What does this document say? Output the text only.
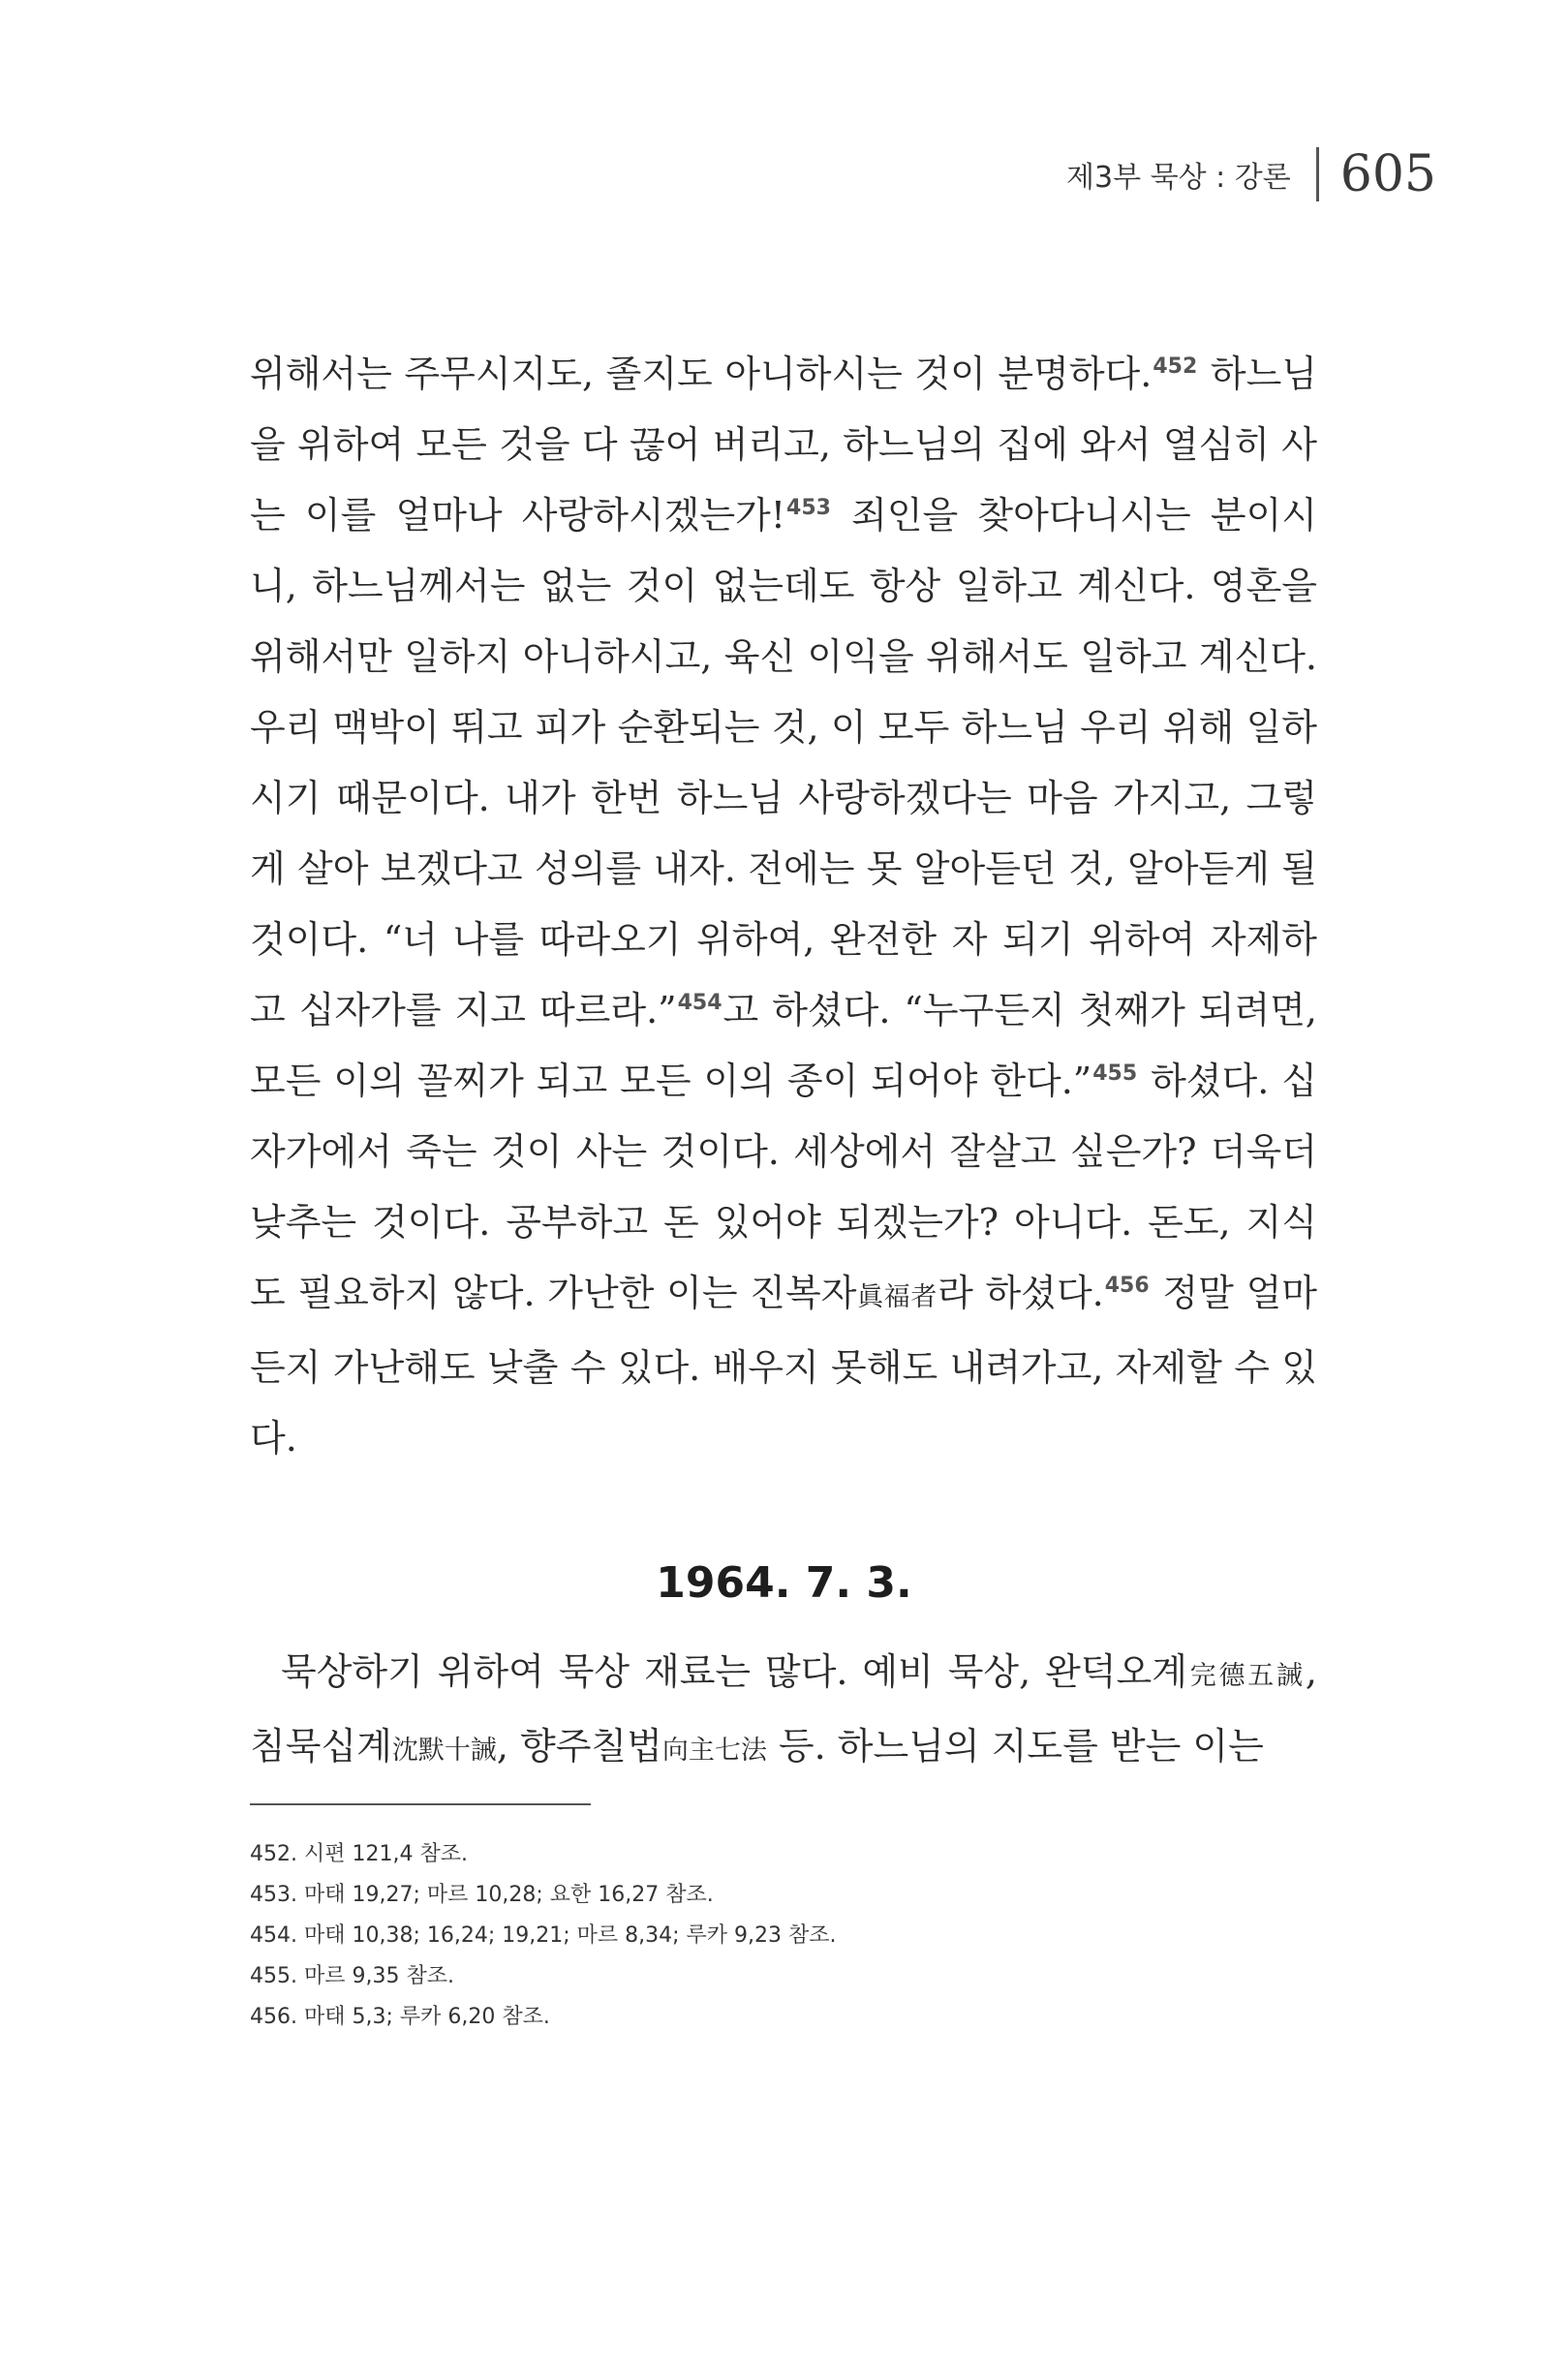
제3부 묵상 : 강론 605

위해서는 주무시지도, 졸지도 아니하시는 것이 분명하다.$^{452}$ 하느님을 위하여 모든 것을 다 끊어 버리고, 하느님의 집에 와서 열심히 사는 이를 얼마나 사랑하시겠는가!$^{453}$ 죄인을 찾아다니시는 분이시니, 하느님께서는 없는 것이 없는데도 항상 일하고 계신다. 영혼을 위해서만 일하지 아니하시고, 육신 이익을 위해서도 일하고 계신다. 우리 맥박이 뛰고 피가 순환되는 것, 이 모두 하느님 우리 위해 일하시기 때문이다. 내가 한번 하느님 사랑하겠다는 마음 가지고, 그렇게 살아 보겠다고 성의를 내자. 전에는 못 알아듣던 것, 알아듣게 될 것이다. “너 나를 따라오기 위하여, 완전한 자 되기 위하여 자제하고 십자가를 지고 따르라.”$^{454}$고 하셨다. “누구든지 첫째가 되려면, 모든 이의 꼴찌가 되고 모든 이의 종이 되어야 한다.”$^{455}$ 하셨다. 십자가에서 죽는 것이 사는 것이다. 세상에서 잘살고 싶은가? 더욱더 낮추는 것이다. 공부하고 돈 있어야 되겠는가? 아니다. 돈도, 지식도 필요하지 않다. 가난한 이는 진복자眞福者라 하셨다.$^{456}$ 정말 얼마든지 가난해도 낮출 수 있다. 배우지 못해도 내려가고, 자제할 수 있다.

1964. 7. 3.

묵상하기 위하여 묵상 재료는 많다. 예비 묵상, 완덕오계完德五誡, 침묵십계沈默十誡, 향주칠법向主七法 등. 하느님의 지도를 받는 이는

452. 시편 121,4 참조.
453. 마태 19,27; 마르 10,28; 요한 16,27 참조.
454. 마태 10,38; 16,24; 19,21; 마르 8,34; 루카 9,23 참조.
455. 마르 9,35 참조.
456. 마태 5,3; 루카 6,20 참조.
